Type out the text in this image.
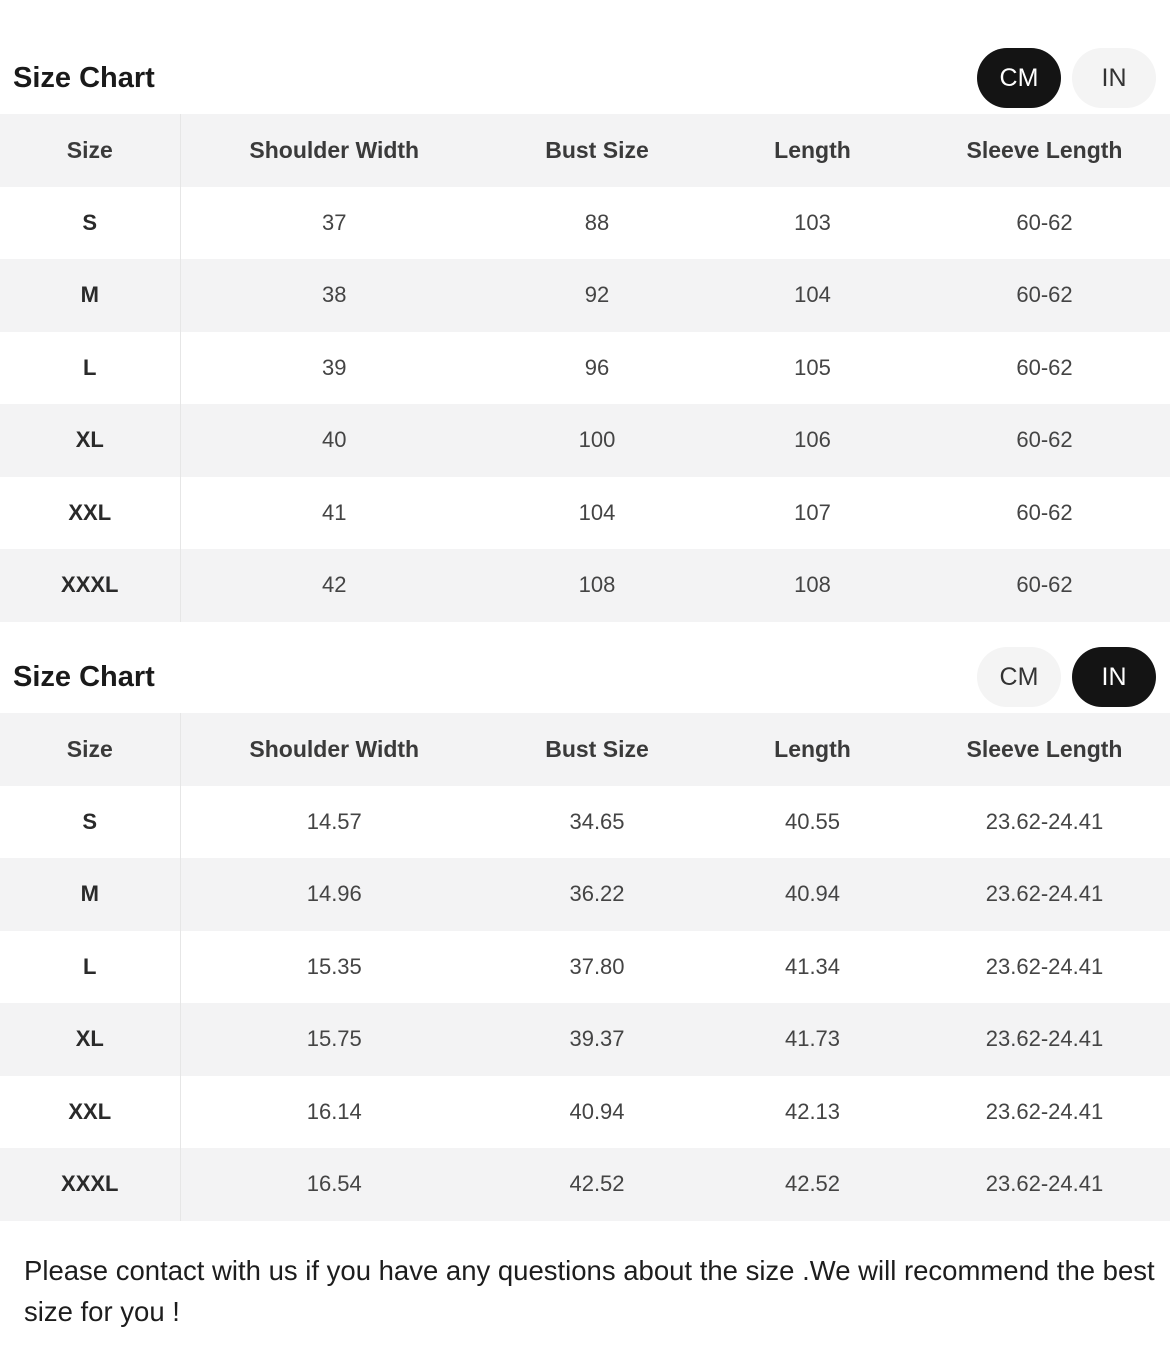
Size Chart	CM	IN
Size	Shoulder Width	Bust Size	Length	Sleeve Length
S	37	88	103	60-62
M	38	92	104	60-62
L	39	96	105	60-62
XL	40	100	106	60-62
XXL	41	104	107	60-62
XXXL	42	108	108	60-62
Size Chart	CM	IN
Size	Shoulder Width	Bust Size	Length	Sleeve Length
S	14.57	34.65	40.55	23.62-24.41
M	14.96	36.22	40.94	23.62-24.41
L	15.35	37.80	41.34	23.62-24.41
XL	15.75	39.37	41.73	23.62-24.41
XXL	16.14	40.94	42.13	23.62-24.41
XXXL	16.54	42.52	42.52	23.62-24.41

Please contact with us if you have any questions about the size .We will recommend the best size for you !
